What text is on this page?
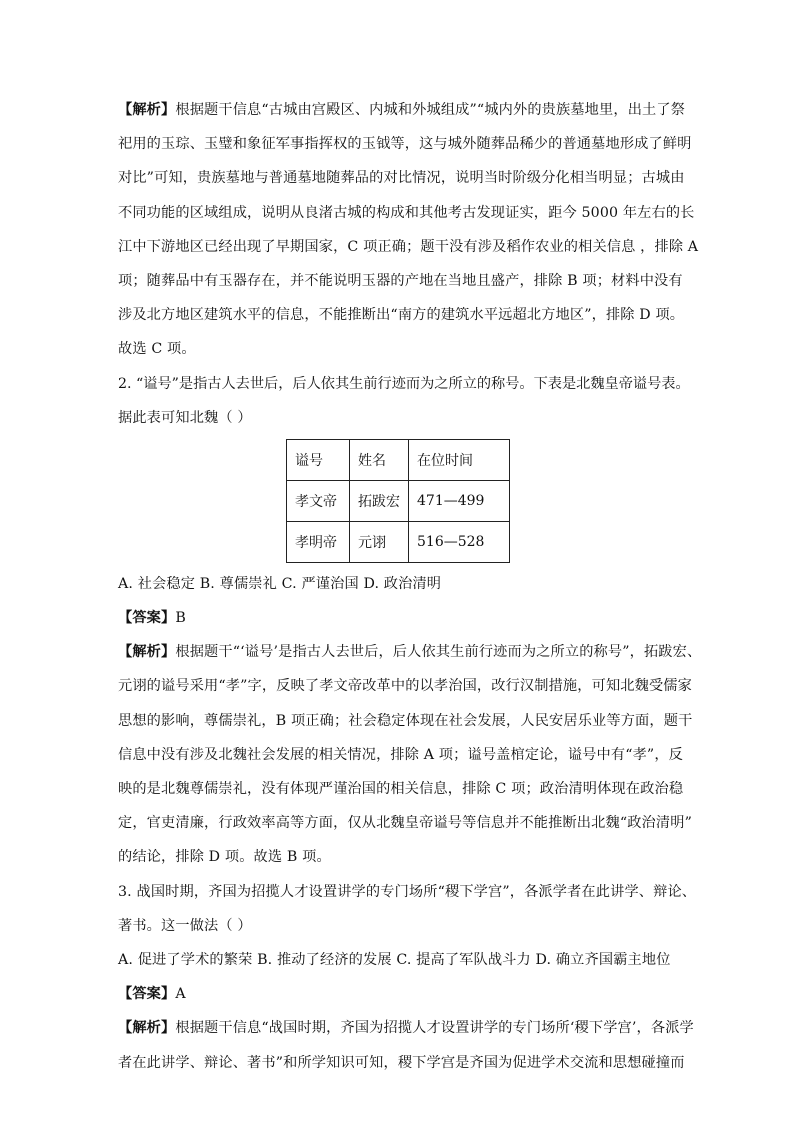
【解析】根据题干信息“古城由宫殿区、内城和外城组成”“城内外的贵族墓地里，出土了祭
祀用的玉琮、玉璧和象征军事指挥权的玉钺等，这与城外随葬品稀少的普通墓地形成了鲜明
对比”可知，贵族墓地与普通墓地随葬品的对比情况，说明当时阶级分化相当明显；古城由
不同功能的区域组成，说明从良渚古城的构成和其他考古发现证实，距今 5000 年左右的长
江中下游地区已经出现了早期国家，C 项正确；题干没有涉及稻作农业的相关信息 ，排除 A
项；随葬品中有玉器存在，并不能说明玉器的产地在当地且盛产，排除 B 项；材料中没有
涉及北方地区建筑水平的信息，不能推断出“南方的建筑水平远超北方地区”，排除 D 项。
故选 C 项。
2. “谥号”是指古人去世后，后人依其生前行迹而为之所立的称号。下表是北魏皇帝谥号表。
据此表可知北魏（ ）
谥号	姓名	在位时间
孝文帝	拓跋宏	471—499
孝明帝	元诩	516—528
A. 社会稳定 B. 尊儒崇礼 C. 严谨治国 D. 政治清明
【答案】B
【解析】根据题干“‘谥号’是指古人去世后，后人依其生前行迹而为之所立的称号”，拓跋宏、
元诩的谥号采用“孝”字，反映了孝文帝改革中的以孝治国，改行汉制措施，可知北魏受儒家
思想的影响，尊儒崇礼，B 项正确；社会稳定体现在社会发展，人民安居乐业等方面，题干
信息中没有涉及北魏社会发展的相关情况，排除 A 项；谥号盖棺定论，谥号中有“孝”，反
映的是北魏尊儒崇礼，没有体现严谨治国的相关信息，排除 C 项；政治清明体现在政治稳
定，官吏清廉，行政效率高等方面，仅从北魏皇帝谥号等信息并不能推断出北魏“政治清明”
的结论，排除 D 项。故选 B 项。
3. 战国时期，齐国为招揽人才设置讲学的专门场所“稷下学宫”，各派学者在此讲学、辩论、
著书。这一做法（ ）
A. 促进了学术的繁荣 B. 推动了经济的发展 C. 提高了军队战斗力 D. 确立齐国霸主地位
【答案】A
【解析】根据题干信息“战国时期，齐国为招揽人才设置讲学的专门场所‘稷下学宫’，各派学
者在此讲学、辩论、著书”和所学知识可知，稷下学宫是齐国为促进学术交流和思想碰撞而
